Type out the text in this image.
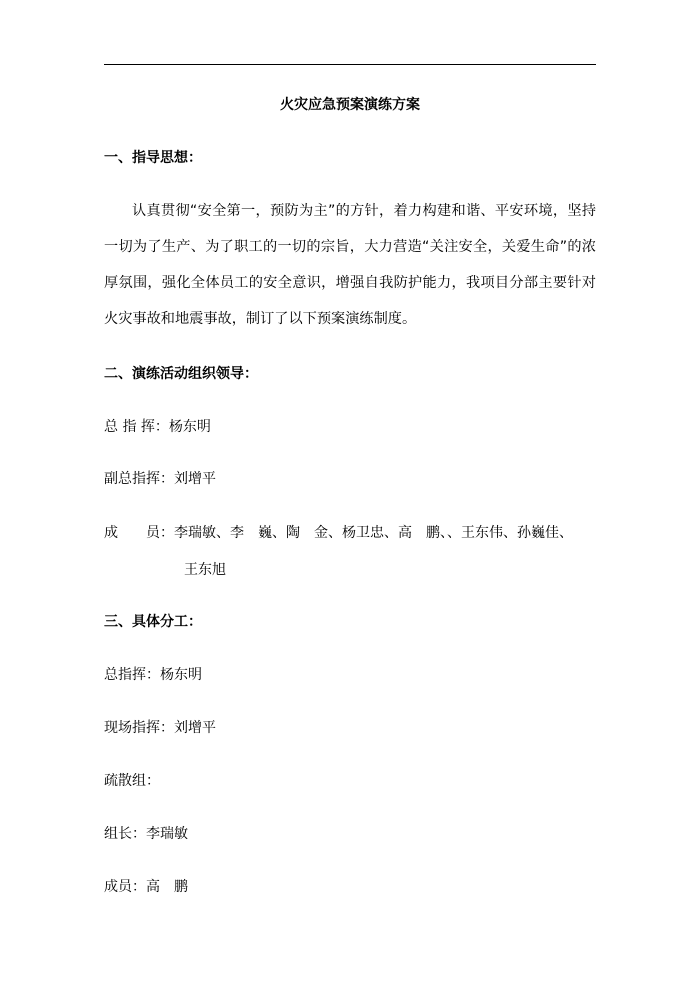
火灾应急预案演练方案
一、指导思想：

认真贯彻“安全第一，预防为主”的方针，着力构建和谐、平安环境，坚持一切为了生产、为了职工的一切的宗旨，大力营造“关注安全，关爱生命”的浓厚氛围，强化全体员工的安全意识，增强自我防护能力，我项目分部主要针对火灾事故和地震事故，制订了以下预案演练制度。

二、演练活动组织领导：
总 指 挥：杨东明
副总指挥：刘增平
成　　员：李瑞敏、李　巍、陶　金、杨卫忠、高　鹏、、王东伟、孙巍佳、
王东旭
三、具体分工：
总指挥：杨东明
现场指挥：刘增平
疏散组：
组长：李瑞敏
成员：高　鹏
